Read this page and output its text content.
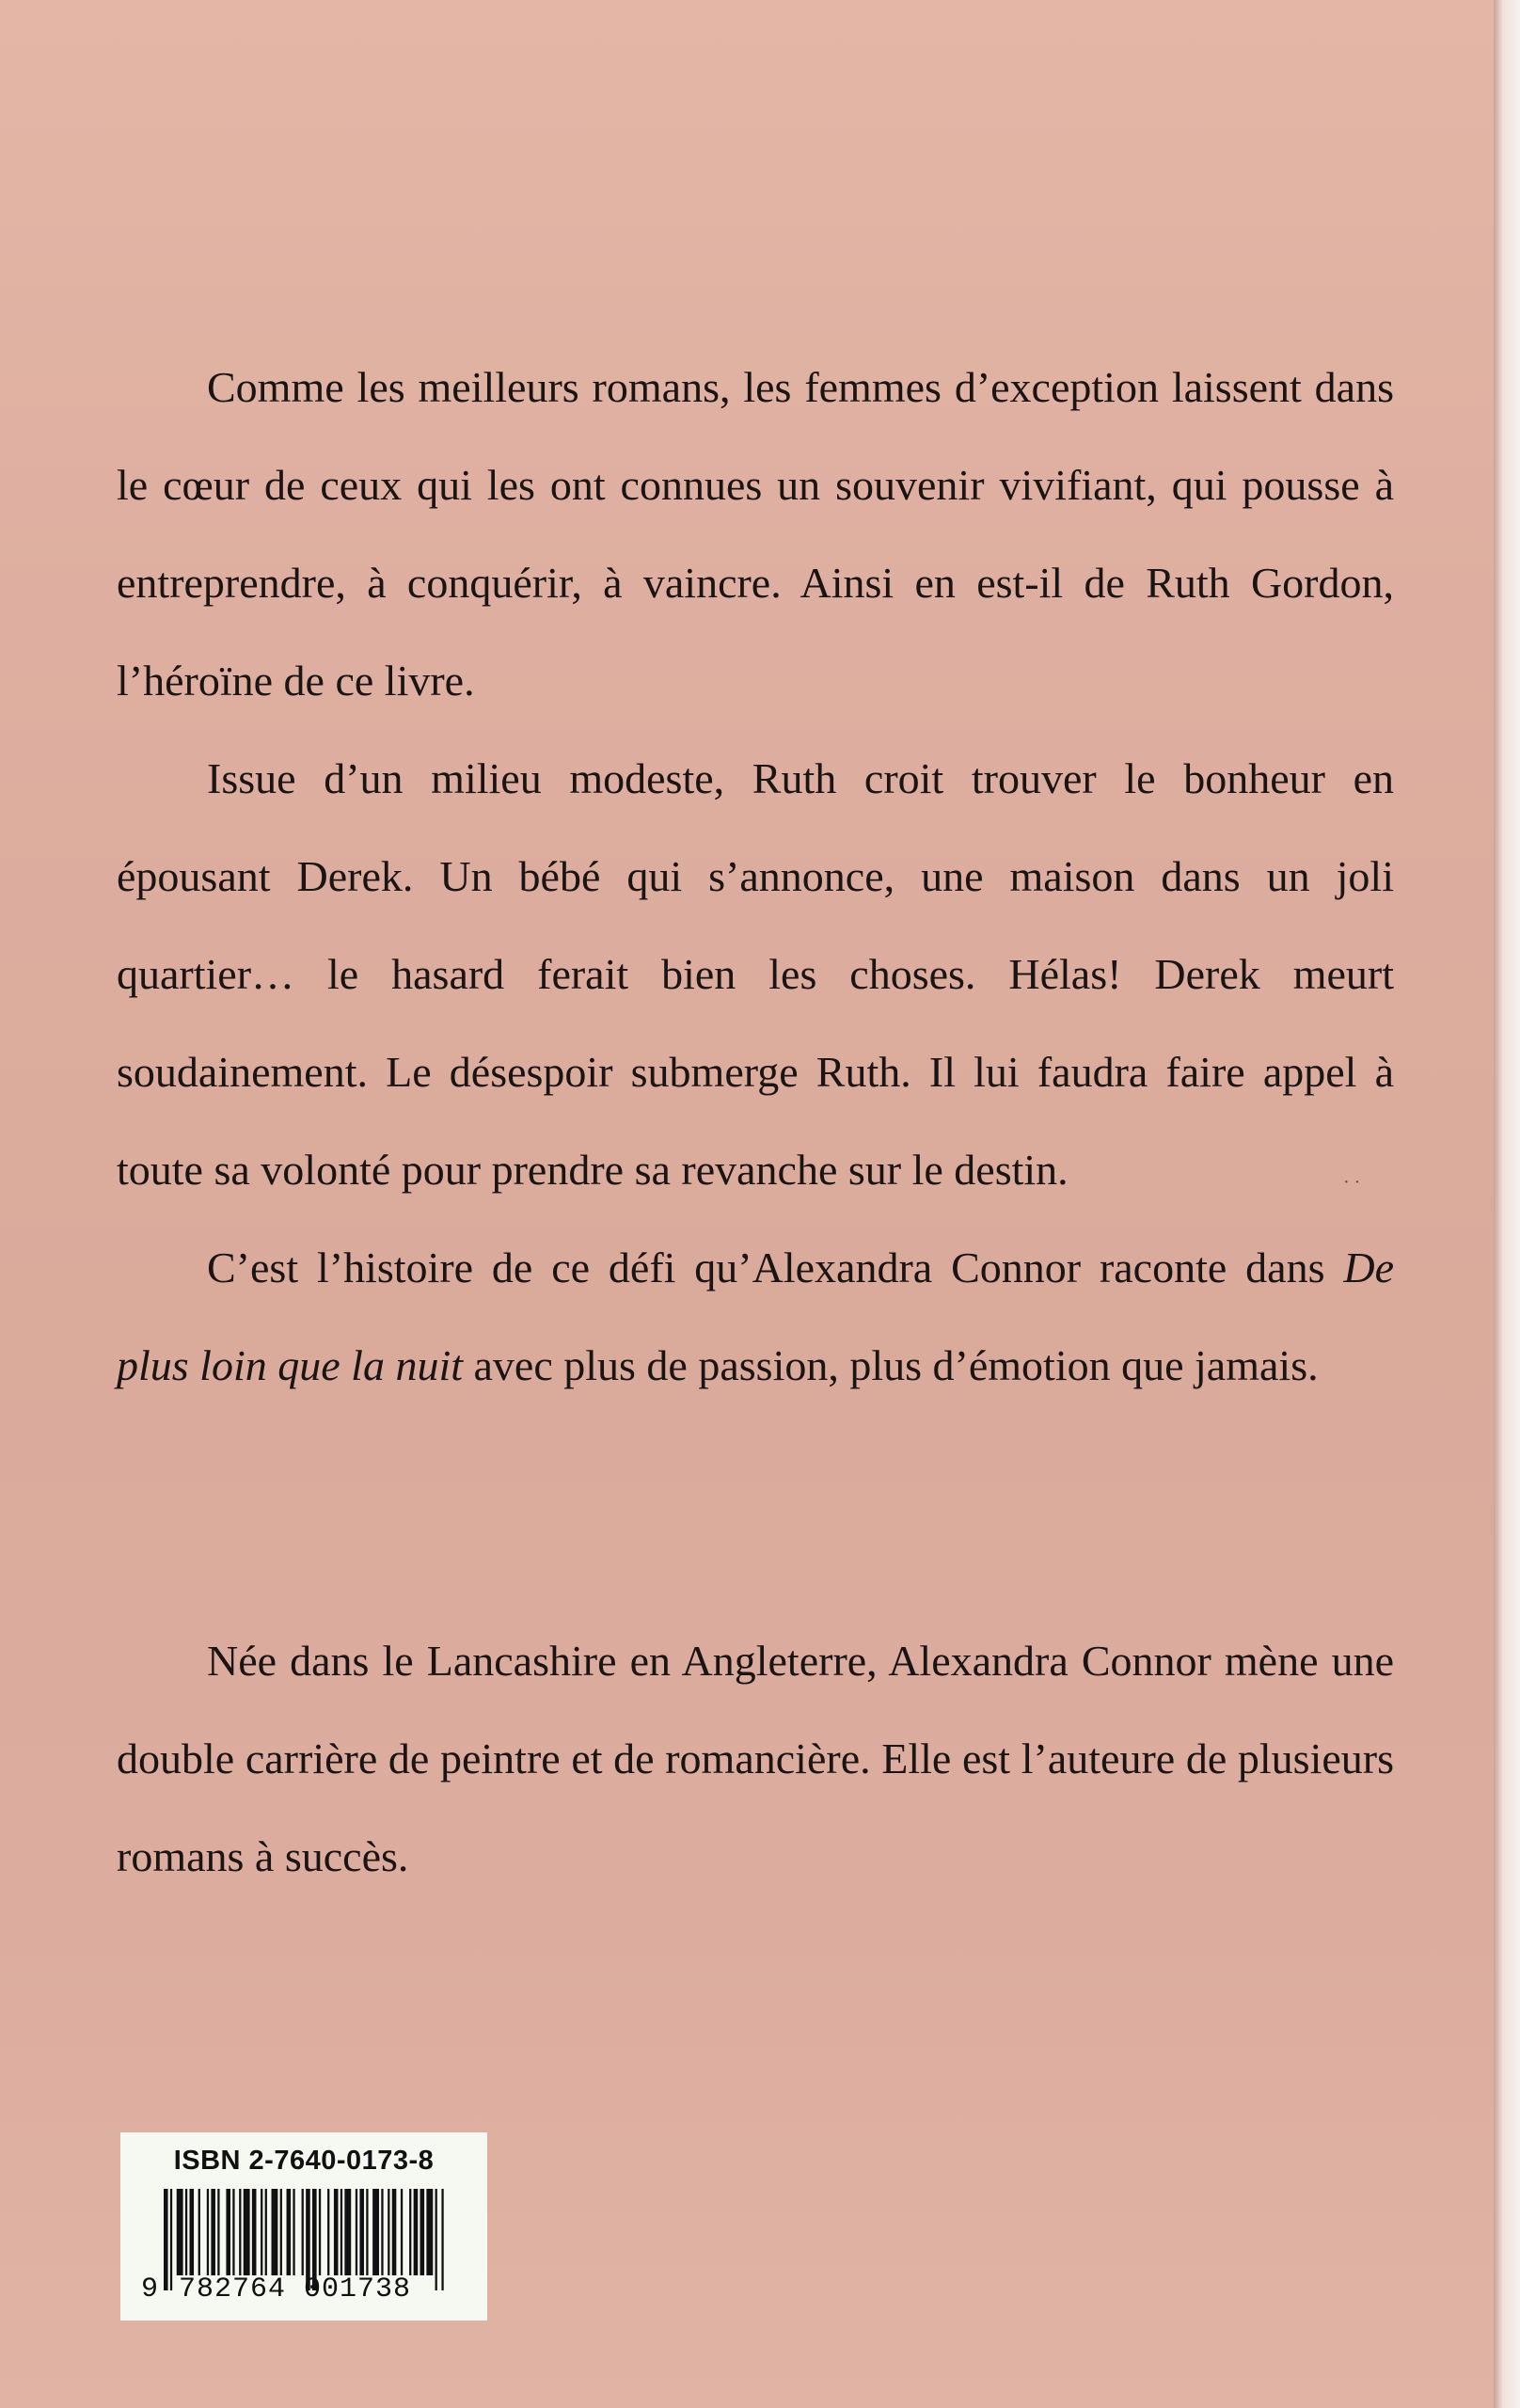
Comme les meilleurs romans, les femmes d’exception laissent dans le cœur de ceux qui les ont connues un souvenir vivifiant, qui pousse à entreprendre, à conquérir, à vaincre. Ainsi en est-il de Ruth Gordon, l’héroïne de ce livre.

Issue d’un milieu modeste, Ruth croit trouver le bonheur en épousant Derek. Un bébé qui s’annonce, une maison dans un joli quartier… le hasard ferait bien les choses. Hélas! Derek meurt soudainement. Le désespoir submerge Ruth. Il lui faudra faire appel à toute sa volonté pour prendre sa revanche sur le destin.

C’est l’histoire de ce défi qu’Alexandra Connor raconte dans De plus loin que la nuit avec plus de passion, plus d’émotion que jamais.

· ·

Née dans le Lancashire en Angleterre, Alexandra Connor mène une double carrière de peintre et de romancière. Elle est l’auteure de plusieurs romans à succès.

ISBN 2-7640-0173-8
9 782764 001738
